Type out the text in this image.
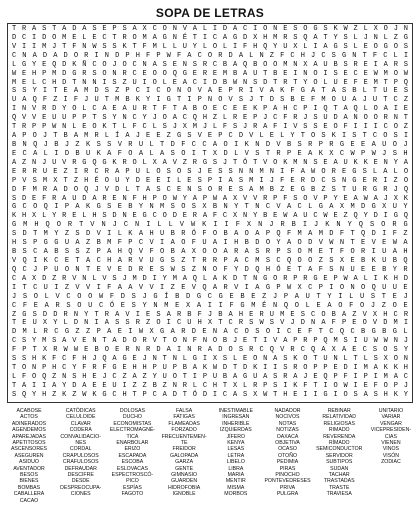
SOPA DE LETRAS
T R A S T A D A S E P S A X C O N V A L I D A C I O N E S O G S K W Z L X O J N
D C I D O M E L E C T R O M A G N É T I C A G D X H M R S Q A T Y S L J N L Z G
V I I M J T F N W S S K T F M L L U Y L O L I F H Q Y U X L I A G S L E O G O S
C N A D A D O R I N D P H F P W F A C O R D A L N Z F C H J C S G N T F C L I
L G Y E Q D K Ñ C O J O C N A S E N S R C B A Q B O O M N X A U B S R E I A R S
W E H P M D G R S O N R C E O O Q G E R E M B A U T B E I N O I S E C E W M O W
M E L C H D T N N I S Z U I O L E A C I D B W N S D T R T Y O L U E F E M T P Q
S S Y I T E A M D S Z P C I C O N O V A E P R I V A K F G A T A S B L T U E S
U A Q F Z I F J U T M B K Y I G T I P N O V S J T D S B E F M O U A J U T C Z
I N V R D Y O L C A E A U R T F T A B O E C E E K P A H C P I Q T A Q L O A I E
Q V V E U U P P T S Y N C Y J O A C Q H Z L R E P J C F R J S U D A N O O R N T
T R P P W N L E O K T L F C L S J X M J L F S J R A F I V S S E O F I I I C O Z
A P O J T B A M R L Í A J E E Z G S V E P C D V L E L Y T O S K I S T C O S I
B N Q J B J Z K S S V R U L T D F C C A O I K N D V B S R P R G E E A U O J
E C A L I D B U K A F O A L A S O I T X D L V S T R P E A K X C W P W J S H
A Z N J U V R G Q G K R O L X A V Z R G S J T Ó T V O K M N S E A U K K E N Y A
E R R U E Z I R C R A P U L O S O S J E S S N N M N I F A W O R E G S L A L O
P V S M X T Z H É O U Y D E E I L E S P I A S M I J F E R D C S N G E R I Z O
D F M R A D O Q J V D L T A S C E N S O R E S A M B Z E G B Z S T U R G R J Q
S D E F R A U D A R E N F H P O W Y A P W A X V V R P F S O V P Y E A W A J X K
G C O Q I P A K G S E B Y N M S O S X B N Y T N C V A C L G A X M D G X U Y
K H X L Y R E L H S D N E G C O D E R A F C X N Y B E W A U C W E Z Q Y D I G Q
G M H Q O R T V N J C N I L L V W K I I F X N J R B I J K N Y Q S O R G
S D T M Y Z S D V I L K A H U B R Ó F O B A O A P Q F M A M D F T Q D I F Z
H S P G G U A Z B M F P C V I A O F U A I H B D O Y A O D V W N T E V E W A
B S C A B S S Z P A H Q V F O B A X O O A R A S R P S O M E T F O R I U A H
V Q I K C E T A C H A R V U G S Z T R R P A C M S C Q O O Z S X E B K U B Q
Q C J P U O N T E V E D R E S W S Z N O F Y D Q H Ó E T A F S N U E E B Y R
C A X D Z R V N L V S J M D I Y M A Q L A K D T N G O R P R G E P W A L I K H D
I T C U I Z V V I F A A V V I Z E V Q A R V I A G P W X C P I O N O Q U U E
J S O L V C O O W F D S J G Í B D G C G E B E Z J P A U T Y I L U S T E J
C F E A R S O U C Ó E S Y N M E X A I I F G M É N Q O L E A O F O J Z O E
Z G S D D R N Y T R A V I E S A R B F J B A H E R U M E S C O B A Z V X H C R
T E U X Y L D N I A S S R Z O I C U H X T C R S W S V J D N A F P E O V D M I
D M L R C G Z Z P A E I W X G A R D E N A C O S O I C E F T C Q C B G B G L
C S Y M S A V E N T A D O R V T O N F N O B J E T I V A P R P Q M S I U W W N J
F P T X R W W E B O E R N R D A I N R A D O S R C Q V R C Q A X A E C S O S Y
S S H K F C F H J Q A G E J N T N L G I X S L E O N A S K O T U N L T L S X O N
T O N P H C Y F R F G E H H P U P B A K W D T D K I I S R O P P E D I M A K K H
L F O Q Z N S H E J C Z A Z Y U O T I P U B A G U A S R A J E Q P F I P I M A C
T A I I A Y D A E E U I Z Z B Z N R L C H T X L R P S I K F T I O W I E F O P J
S Q Y H Z K Z W K G C H T P C A D T Ó D I C A S X W T H E I I G I O S A S H K Y
ACABOSE
ACTOS
ADINERADOS
AGENDEMOS
APAREJADAS
APETITOSOS
ASCENSORES
ASEGUREN
ASIDUO
AVENTADOR
BESOS
BIENES
BOMBAS
CABALLERA
CACAO
CATÓDICAS
CELULOIDE
CLAVAR
CODERA
CONVALIDACIO-
NES
CORDAL
CRAPULOSOS
CRAFULOSOS
DEFRAUDAR
DESCIFRE
DESDE
DESPREOCUPA-
CIONES
DOLOSAS
DUCHO
ECONOMISTAS
ELECTROMAGNÉ-
TICA
ENARBOLAR
ERIZO
ESCAPADA
ESCOBA
ESLOVACAS
ESPECTROSCÓ-
PICO
ESPÍAS
FAGOTO
FALSA
FATIGAS
FLAMEADAS
FORZADO
FRECUENTEMEN-
TE
FREIDOR
GALOPADA
GARZA
GENTE
GIMNASIO
GUARDEN
HIDROFOBIA
IGNOBLE
INESTIMABLE
INGRESAN
INHERIBLE
IZQUIERDAS
JÍFERO
KENYA
LESAS
LETRA
LIBELO
LIBRA
MARIA
MENTIR
MISMA
MORBOS
NADADOR
NOCIVOS
NOTAS
NOTIZAS
OAXACA
OBJETIVA
OCASO
OTOÑO
PEDIMIA
PIRAS
PINOCHO
PONTEVEDRESES
PRIVA
PULGRA
REBINAR
RELATIVIDAD
RELIGIOSAS
RIMADO
REVERENDA
RÍMADO
SEMICONDUCTOR
SERVIDOR
SUBTIPOS
SUDAN
TACHAR
TRASTADAS
TRASTE
TRAVIESA
UNITARIO
VARIAR
VENGAR
VICEPRESIDEN-
CIAS
VIENEN
VINOS
VISÓN
ZODIAC
